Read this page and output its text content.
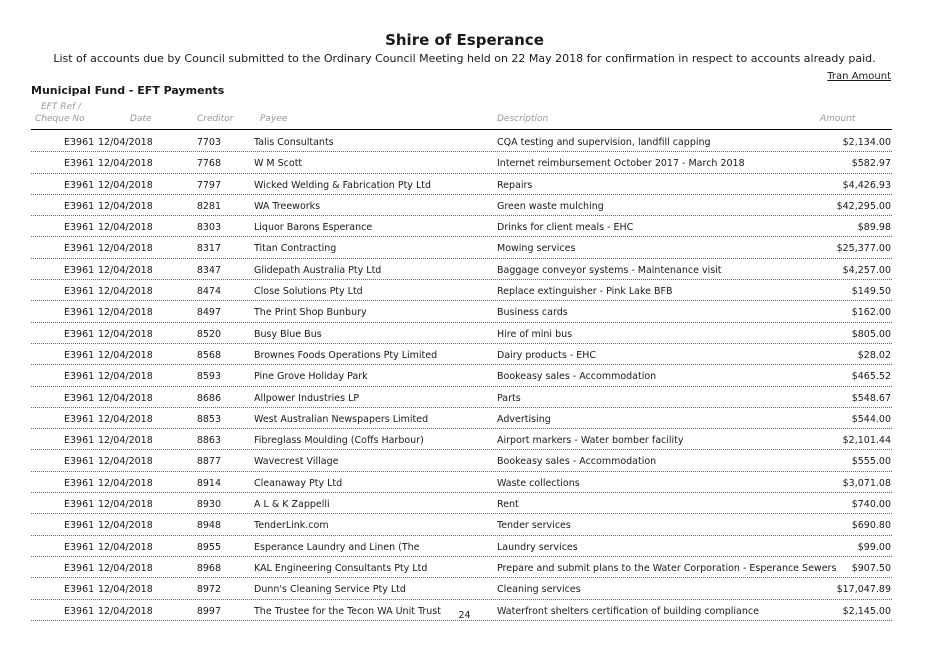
Shire of Esperance
List of accounts due by Council submitted to the Ordinary Council Meeting held on 22 May 2018 for confirmation in respect to accounts already paid.
Tran Amount
Municipal Fund - EFT Payments
EFT Ref /
Cheque No	Date	Creditor	Payee	Description	Amount
E3961 12/04/2018	7703	Talis Consultants	CQA testing and supervision, landfill capping	$2,134.00
E3961 12/04/2018	7768	W M Scott	Internet reimbursement October 2017 - March 2018	$582.97
E3961 12/04/2018	7797	Wicked Welding & Fabrication Pty Ltd	Repairs	$4,426.93
E3961 12/04/2018	8281	WA Treeworks	Green waste mulching	$42,295.00
E3961 12/04/2018	8303	Liquor Barons Esperance	Drinks for client meals - EHC	$89.98
E3961 12/04/2018	8317	Titan Contracting	Mowing services	$25,377.00
E3961 12/04/2018	8347	Glidepath Australia Pty Ltd	Baggage conveyor systems - Maintenance visit	$4,257.00
E3961 12/04/2018	8474	Close Solutions Pty Ltd	Replace extinguisher - Pink Lake BFB	$149.50
E3961 12/04/2018	8497	The Print Shop Bunbury	Business cards	$162.00
E3961 12/04/2018	8520	Busy Blue Bus	Hire of mini bus	$805.00
E3961 12/04/2018	8568	Brownes Foods Operations Pty Limited	Dairy products - EHC	$28.02
E3961 12/04/2018	8593	Pine Grove Holiday Park	Bookeasy sales - Accommodation	$465.52
E3961 12/04/2018	8686	Allpower Industries LP	Parts	$548.67
E3961 12/04/2018	8853	West Australian Newspapers Limited	Advertising	$544.00
E3961 12/04/2018	8863	Fibreglass Moulding (Coffs Harbour)	Airport markers - Water bomber facility	$2,101.44
E3961 12/04/2018	8877	Wavecrest Village	Bookeasy sales - Accommodation	$555.00
E3961 12/04/2018	8914	Cleanaway Pty Ltd	Waste collections	$3,071.08
E3961 12/04/2018	8930	A L & K Zappelli	Rent	$740.00
E3961 12/04/2018	8948	TenderLink.com	Tender services	$690.80
E3961 12/04/2018	8955	Esperance Laundry and Linen (The	Laundry services	$99.00
E3961 12/04/2018	8968	KAL Engineering Consultants Pty Ltd	Prepare and submit plans to the Water Corporation - Esperance Sewers $907.50
E3961 12/04/2018	8972	Dunn's Cleaning Service Pty Ltd	Cleaning services	$17,047.89
E3961 12/04/2018	8997	The Trustee for the Tecon WA Unit Trust	Waterfront shelters certification of building compliance	$2,145.00
24
